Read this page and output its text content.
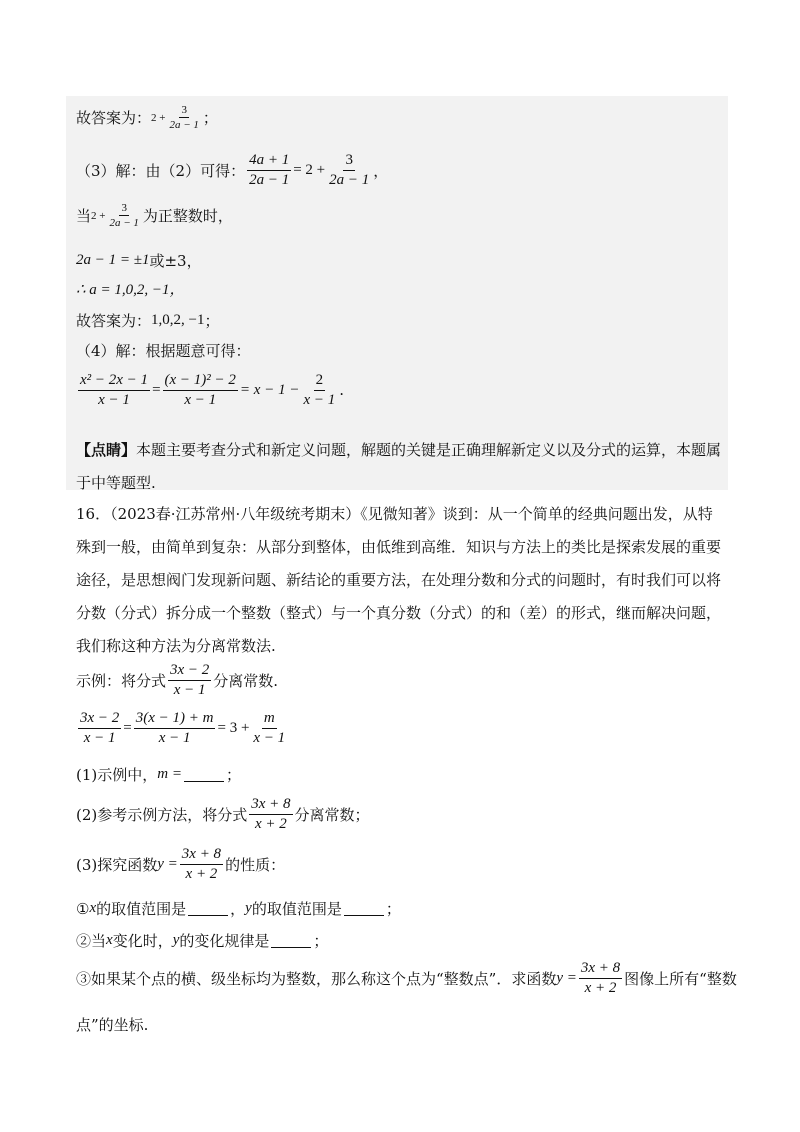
故答案为： $2 + \frac{3}{2a - 1}$ ；
（3）解：由（2）可得： $\frac{4a + 1}{2a - 1} = 2 + \frac{3}{2a - 1}$ ，
当 $2 + \frac{3}{2a - 1}$ 为正整数时，
2a − 1 = ±1 或±3，
∴ a = 1,0,2, −1，
故答案为： 1,0,2, −1 ；
（4）解：根据题意可得：
$\frac{\text{x² − 2x − 1}}{x - 1} = \frac{\text{(x − 1)² − 2}}{x - 1} = x - 1 - \frac{2}{x - 1}$ .
【点睛】本题主要考查分式和新定义问题，解题的关键是正确理解新定义以及分式的运算，本题属于中等题型.
16．（2023春·江苏常州·八年级统考期末）《见微知著》谈到：从一个简单的经典问题出发，从特殊到一般，由简单到复杂：从部分到整体，由低维到高维．知识与方法上的类比是探索发展的重要途径，是思想阀门发现新问题、新结论的重要方法，在处理分数和分式的问题时，有时我们可以将分数（分式）拆分成一个整数（整式）与一个真分数（分式）的和（差）的形式，继而解决问题，我们称这种方法为分离常数法.
示例：将分式 $\frac{3x - 2}{x - 1}$ 分离常数.
$\frac{3x - 2}{x - 1} = \frac{3(x - 1) + m}{x - 1} = 3 + \frac{m}{x - 1}$
(1)示例中， m =	；
(2)参考示例方法，将分式 $\frac{3x + 8}{x + 2}$ 分离常数；
(3)探究函数 $y = \frac{3x + 8}{x + 2}$ 的性质：
① x 的取值范围是	， y 的取值范围是	；
②当 x 变化时， y 的变化规律是	；
③如果某个点的横、级坐标均为整数，那么称这个点为“整数点”．求函数 $y = \frac{3x + 8}{x + 2}$ 图像上所有“整数
点”的坐标.
